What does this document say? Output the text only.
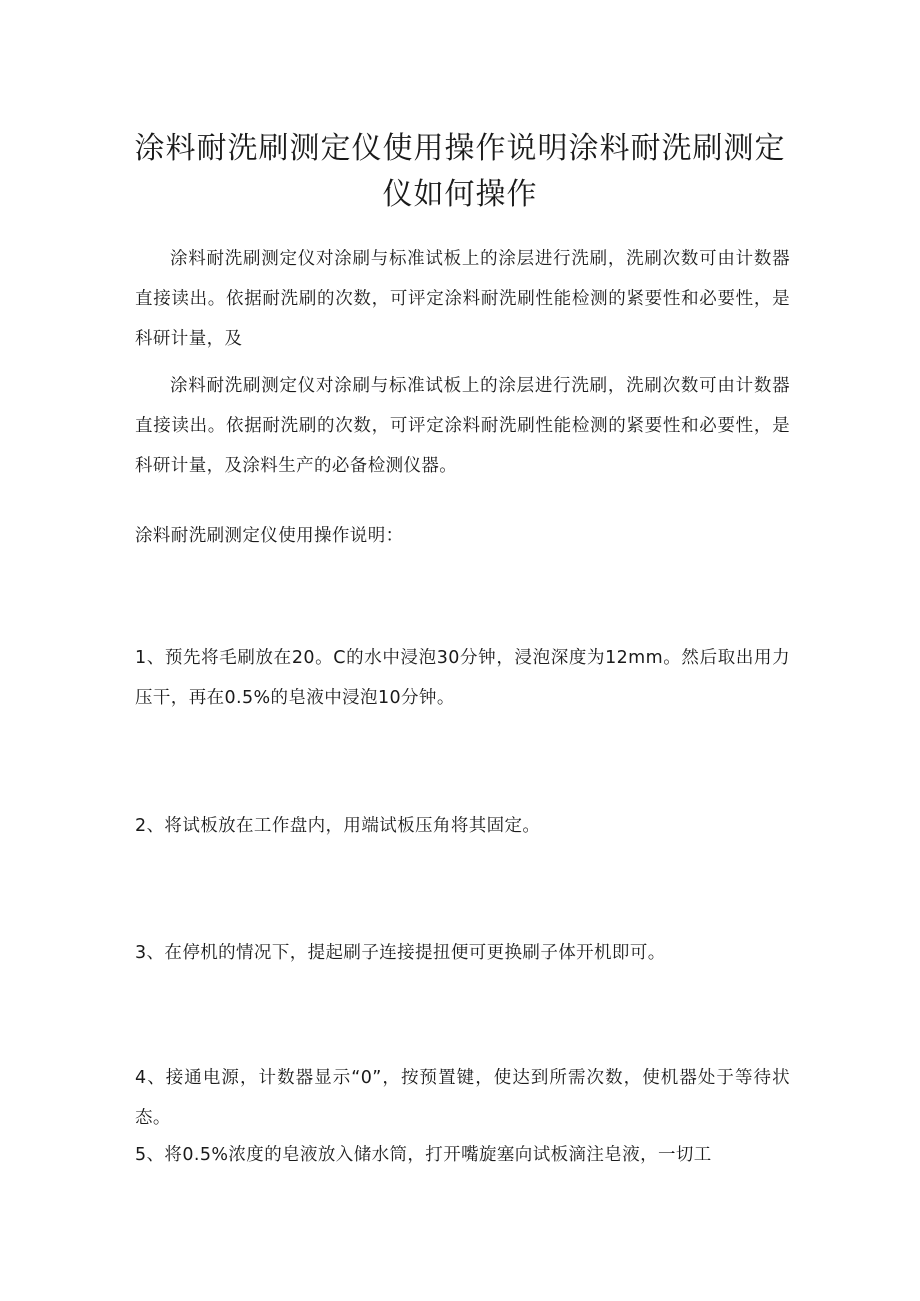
涂料耐洗刷测定仪使用操作说明涂料耐洗刷测定仪如何操作

涂料耐洗刷测定仪对涂刷与标准试板上的涂层进行洗刷，洗刷次数可由计数器直接读出。依据耐洗刷的次数，可评定涂料耐洗刷性能检测的紧要性和必要性，是科研计量，及

涂料耐洗刷测定仪对涂刷与标准试板上的涂层进行洗刷，洗刷次数可由计数器直接读出。依据耐洗刷的次数，可评定涂料耐洗刷性能检测的紧要性和必要性，是科研计量，及涂料生产的必备检测仪器。

涂料耐洗刷测定仪使用操作说明：

1、预先将毛刷放在20。C的水中浸泡30分钟，浸泡深度为12mm。然后取出用力压干，再在0.5%的皂液中浸泡10分钟。

2、将试板放在工作盘内，用端试板压角将其固定。

3、在停机的情况下，提起刷子连接提扭便可更换刷子体开机即可。

4、接通电源，计数器显示“0”，按预置键，使达到所需次数，使机器处于等待状态。

5、将0.5%浓度的皂液放入储水筒，打开嘴旋塞向试板滴注皂液，一切工
